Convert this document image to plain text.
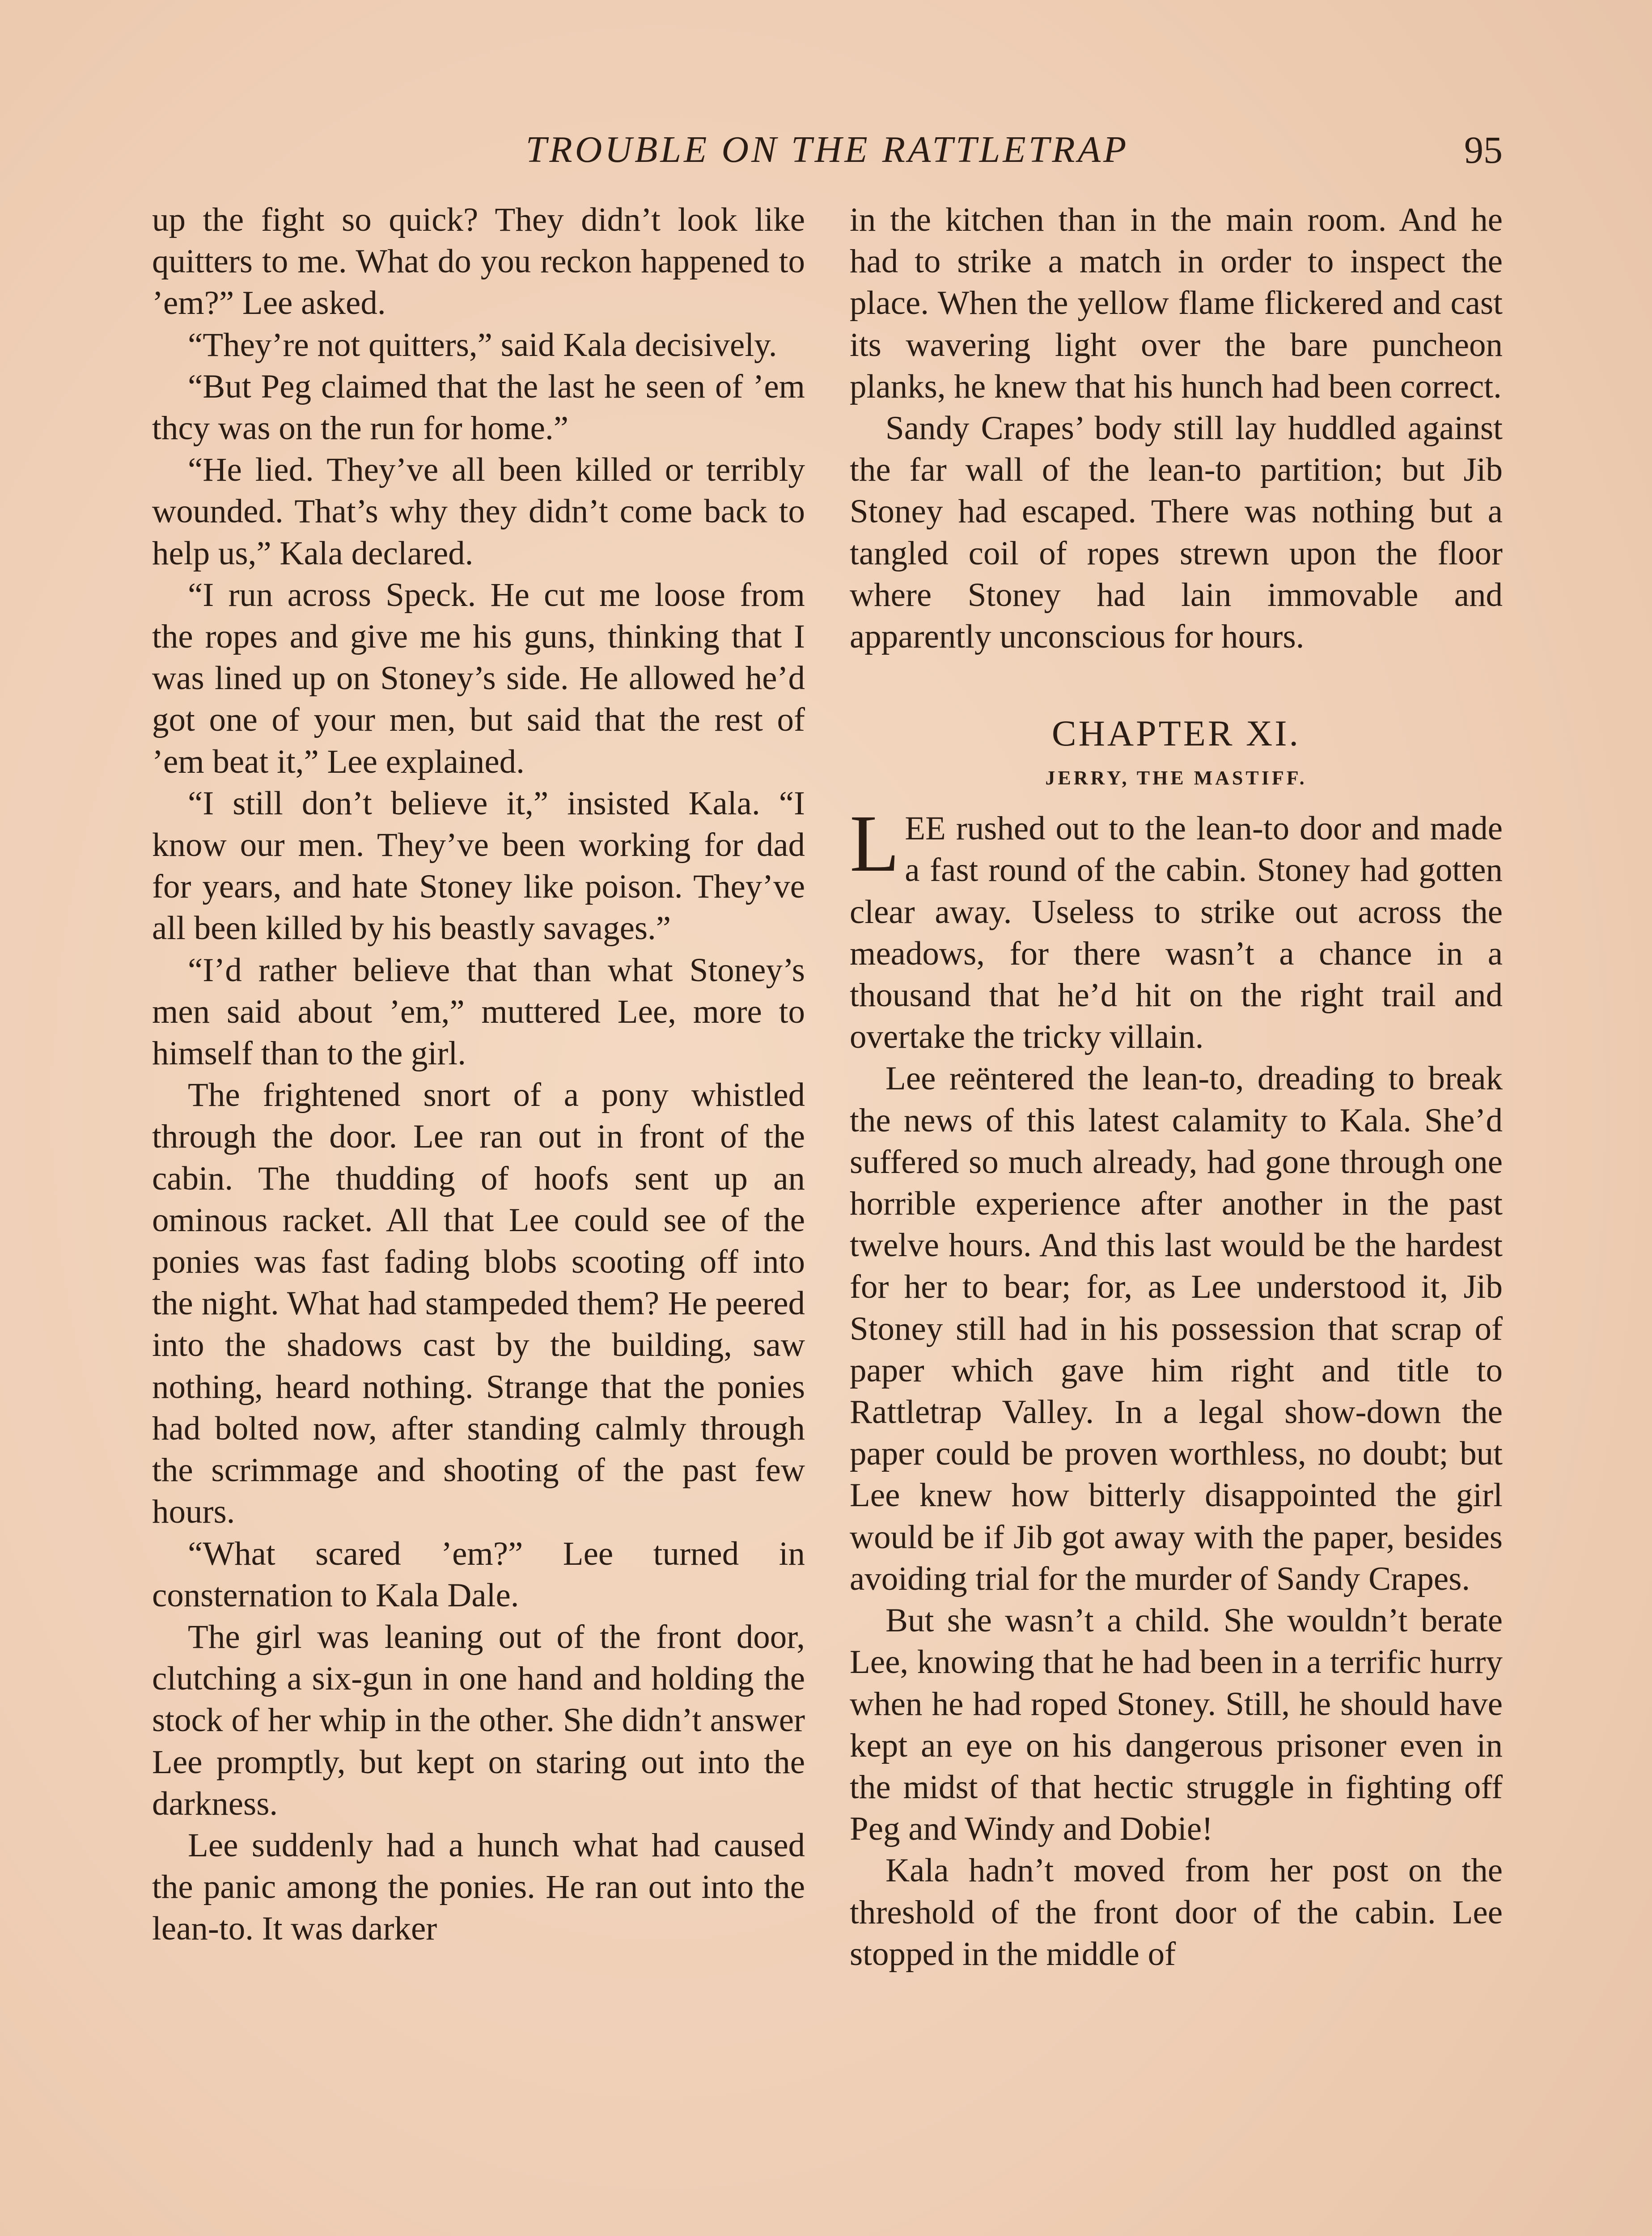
TROUBLE ON THE RATTLETRAP	95

up the fight so quick? They didn’t look like quitters to me. What do you reckon happened to ’em?” Lee asked.

“They’re not quitters,” said Kala decisively.

“But Peg claimed that the last he seen of ’em thcy was on the run for home.”

“He lied. They’ve all been killed or terribly wounded. That’s why they didn’t come back to help us,” Kala declared.

“I run across Speck. He cut me loose from the ropes and give me his guns, thinking that I was lined up on Stoney’s side. He allowed he’d got one of your men, but said that the rest of ’em beat it,” Lee explained.

“I still don’t believe it,” insisted Kala. “I know our men. They’ve been working for dad for years, and hate Stoney like poison. They’ve all been killed by his beastly savages.”

“I’d rather believe that than what Stoney’s men said about ’em,” muttered Lee, more to himself than to the girl.

The frightened snort of a pony whistled through the door. Lee ran out in front of the cabin. The thudding of hoofs sent up an ominous racket. All that Lee could see of the ponies was fast fading blobs scooting off into the night. What had stampeded them? He peered into the shadows cast by the building, saw nothing, heard nothing. Strange that the ponies had bolted now, after standing calmly through the scrimmage and shooting of the past few hours.

“What scared ’em?” Lee turned in consternation to Kala Dale.

The girl was leaning out of the front door, clutching a six-gun in one hand and holding the stock of her whip in the other. She didn’t answer Lee promptly, but kept on staring out into the darkness.

Lee suddenly had a hunch what had caused the panic among the ponies. He ran out into the lean-to. It was darker

in the kitchen than in the main room. And he had to strike a match in order to inspect the place. When the yellow flame flickered and cast its wavering light over the bare puncheon planks, he knew that his hunch had been correct.

Sandy Crapes’ body still lay huddled against the far wall of the lean-to partition; but Jib Stoney had escaped. There was nothing but a tangled coil of ropes strewn upon the floor where Stoney had lain immovable and apparently unconscious for hours.

CHAPTER XI.

JERRY, THE MASTIFF.

LEE rushed out to the lean-to door and made a fast round of the cabin. Stoney had gotten clear away. Useless to strike out across the meadows, for there wasn’t a chance in a thousand that he’d hit on the right trail and overtake the tricky villain.

Lee reëntered the lean-to, dreading to break the news of this latest calamity to Kala. She’d suffered so much already, had gone through one horrible experience after another in the past twelve hours. And this last would be the hardest for her to bear; for, as Lee understood it, Jib Stoney still had in his possession that scrap of paper which gave him right and title to Rattletrap Valley. In a legal show-down the paper could be proven worthless, no doubt; but Lee knew how bitterly disappointed the girl would be if Jib got away with the paper, besides avoiding trial for the murder of Sandy Crapes.

But she wasn’t a child. She wouldn’t berate Lee, knowing that he had been in a terrific hurry when he had roped Stoney. Still, he should have kept an eye on his dangerous prisoner even in the midst of that hectic struggle in fighting off Peg and Windy and Dobie!

Kala hadn’t moved from her post on the threshold of the front door of the cabin. Lee stopped in the middle of
